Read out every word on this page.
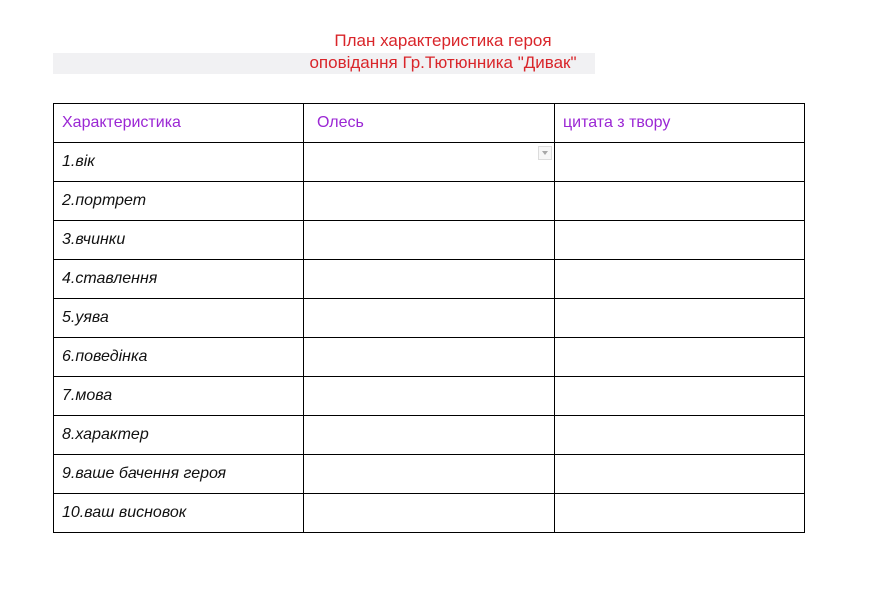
План характеристика героя
оповідання Гр.Тютюнника "Дивак"
Характеристика	Олесь	цитата з твору
1.вік	

2.портрет		
3.вчинки		
4.ставлення		
5.уява		
6.поведінка		
7.мова		
8.характер		
9.ваше бачення героя		
10.ваш висновок		
